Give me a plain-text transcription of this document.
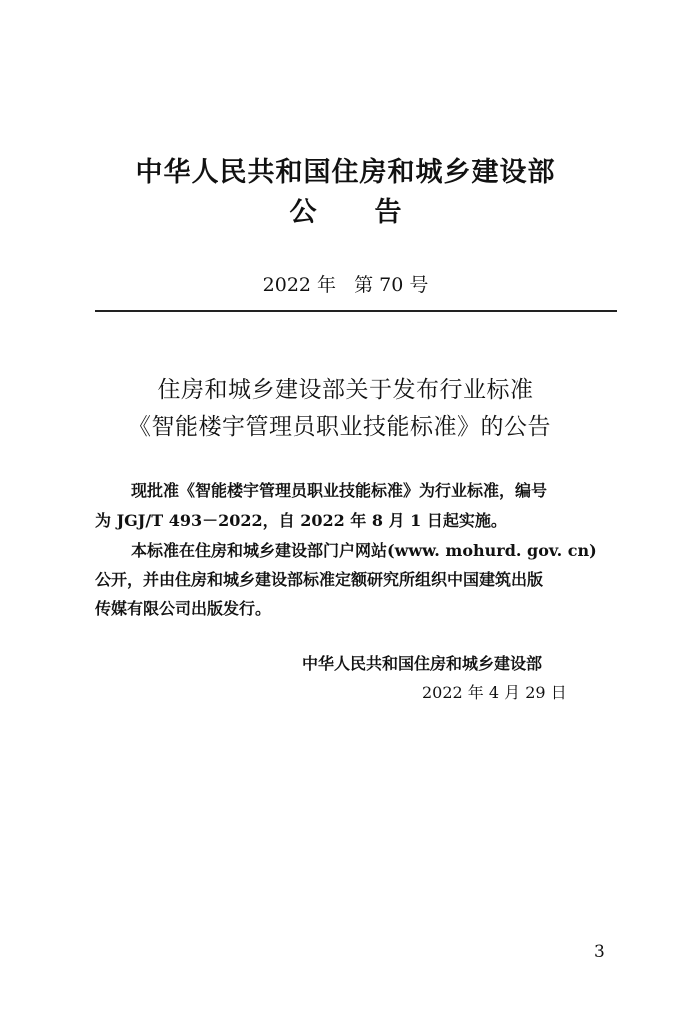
中华人民共和国住房和城乡建设部
公 告
2022 年 第 70 号
住房和城乡建设部关于发布行业标准
《智能楼宇管理员职业技能标准》的公告
现批准《智能楼宇管理员职业技能标准》为行业标准，编号
为 JGJ/T 493－2022，自 2022 年 8 月 1 日起实施。
本标准在住房和城乡建设部门户网站(www. mohurd. gov. cn)
公开，并由住房和城乡建设部标准定额研究所组织中国建筑出版
传媒有限公司出版发行。
中华人民共和国住房和城乡建设部
2022 年 4 月 29 日
3
